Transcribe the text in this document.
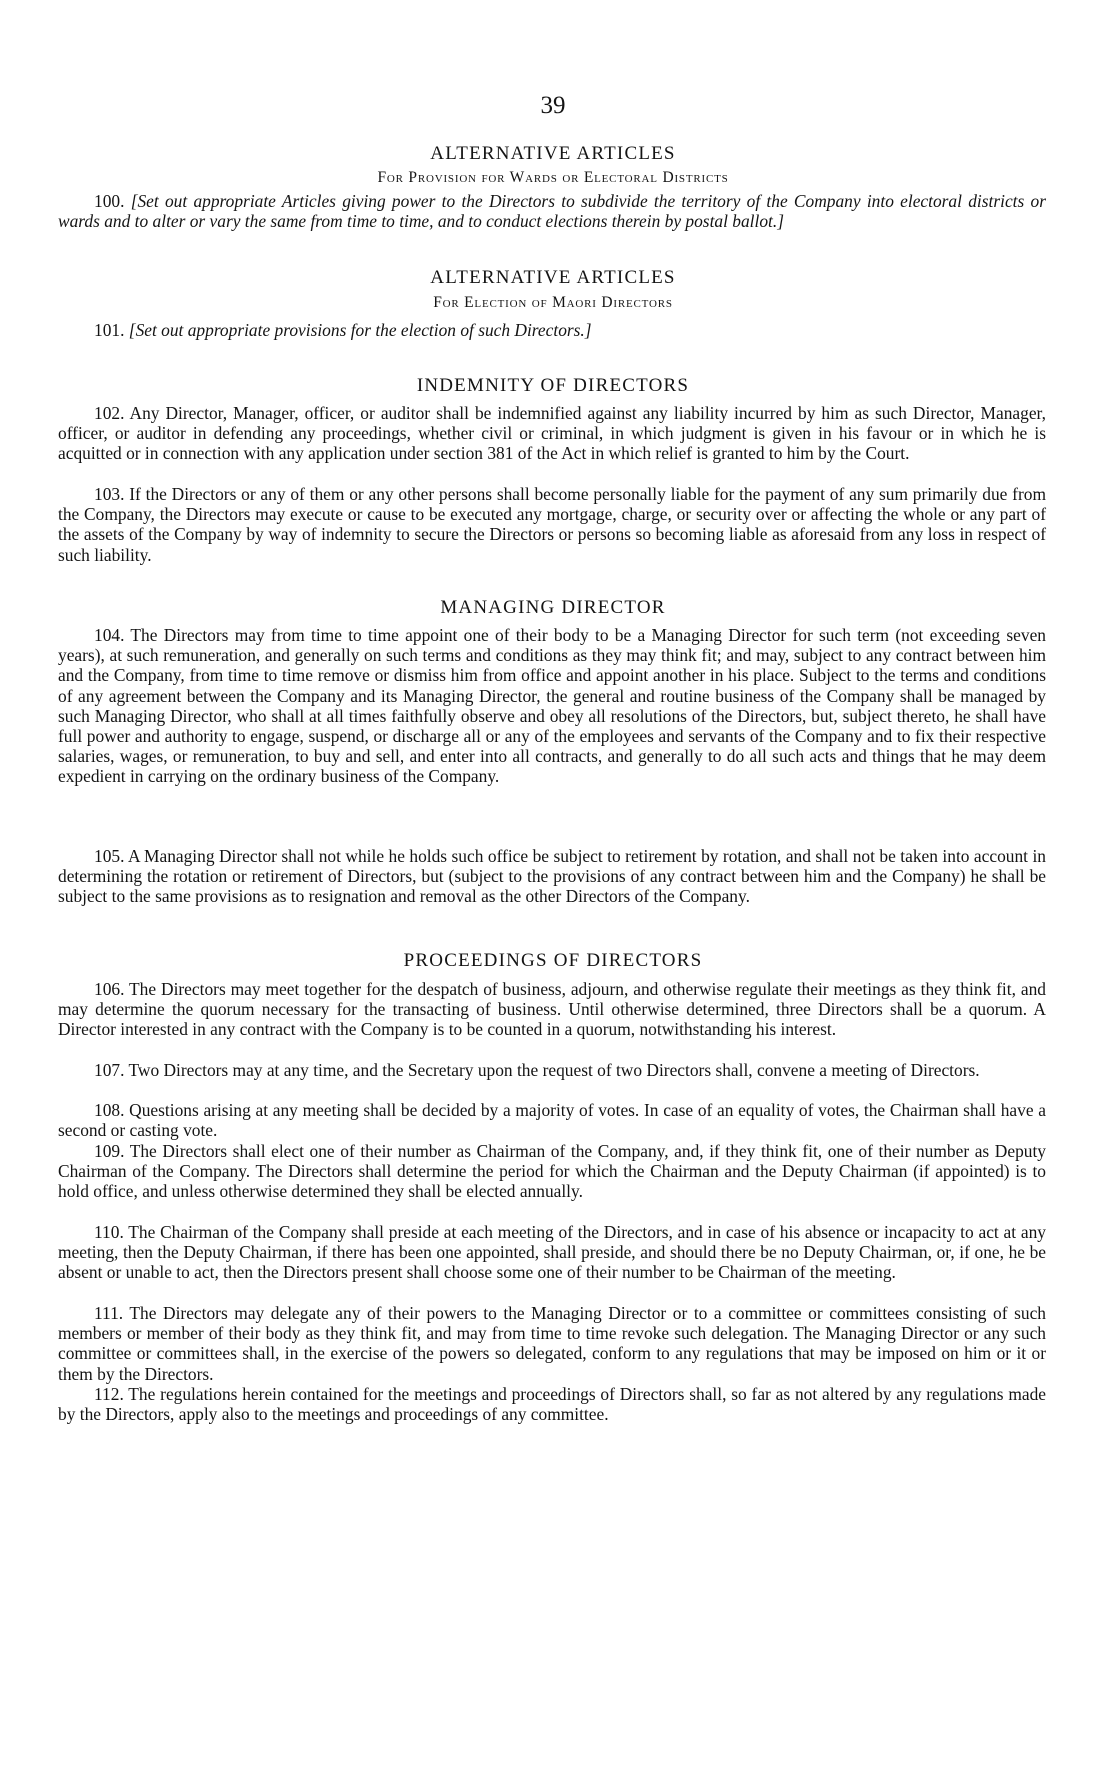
39
ALTERNATIVE ARTICLES
For Provision for Wards or Electoral Districts

100. [Set out appropriate Articles giving power to the Directors to subdivide the territory of the Company into electoral districts or wards and to alter or vary the same from time to time, and to conduct elections therein by postal ballot.]

ALTERNATIVE ARTICLES
For Election of Maori Directors

101. [Set out appropriate provisions for the election of such Directors.]

INDEMNITY OF DIRECTORS

102. Any Director, Manager, officer, or auditor shall be indemnified against any liability incurred by him as such Director, Manager, officer, or auditor in defending any proceedings, whether civil or criminal, in which judgment is given in his favour or in which he is acquitted or in connection with any application under section 381 of the Act in which relief is granted to him by the Court.

103. If the Directors or any of them or any other persons shall become personally liable for the payment of any sum primarily due from the Company, the Directors may execute or cause to be executed any mortgage, charge, or security over or affecting the whole or any part of the assets of the Company by way of indemnity to secure the Directors or persons so becoming liable as aforesaid from any loss in respect of such liability.

MANAGING DIRECTOR

104. The Directors may from time to time appoint one of their body to be a Managing Director for such term (not exceeding seven years), at such remuneration, and generally on such terms and conditions as they may think fit; and may, subject to any contract between him and the Company, from time to time remove or dismiss him from office and appoint another in his place. Subject to the terms and conditions of any agreement between the Company and its Managing Director, the general and routine business of the Company shall be managed by such Managing Director, who shall at all times faithfully observe and obey all resolutions of the Directors, but, subject thereto, he shall have full power and authority to engage, suspend, or discharge all or any of the employees and servants of the Company and to fix their respective salaries, wages, or remuneration, to buy and sell, and enter into all contracts, and generally to do all such acts and things that he may deem expedient in carrying on the ordinary business of the Company.

105. A Managing Director shall not while he holds such office be subject to retirement by rotation, and shall not be taken into account in determining the rotation or retirement of Directors, but (subject to the provisions of any contract between him and the Company) he shall be subject to the same provisions as to resignation and removal as the other Directors of the Company.

PROCEEDINGS OF DIRECTORS

106. The Directors may meet together for the despatch of business, adjourn, and otherwise regulate their meetings as they think fit, and may determine the quorum necessary for the transacting of business. Until otherwise determined, three Directors shall be a quorum. A Director interested in any contract with the Company is to be counted in a quorum, notwithstanding his interest.

107. Two Directors may at any time, and the Secretary upon the request of two Directors shall, convene a meeting of Directors.

108. Questions arising at any meeting shall be decided by a majority of votes. In case of an equality of votes, the Chairman shall have a second or casting vote.

109. The Directors shall elect one of their number as Chairman of the Company, and, if they think fit, one of their number as Deputy Chairman of the Company. The Directors shall determine the period for which the Chairman and the Deputy Chairman (if appointed) is to hold office, and unless otherwise determined they shall be elected annually.

110. The Chairman of the Company shall preside at each meeting of the Directors, and in case of his absence or incapacity to act at any meeting, then the Deputy Chairman, if there has been one appointed, shall preside, and should there be no Deputy Chairman, or, if one, he be absent or unable to act, then the Directors present shall choose some one of their number to be Chairman of the meeting.

111. The Directors may delegate any of their powers to the Managing Director or to a committee or committees consisting of such members or member of their body as they think fit, and may from time to time revoke such delegation. The Managing Director or any such committee or committees shall, in the exercise of the powers so delegated, conform to any regulations that may be imposed on him or it or them by the Directors.

112. The regulations herein contained for the meetings and proceedings of Directors shall, so far as not altered by any regulations made by the Directors, apply also to the meetings and proceedings of any committee.
